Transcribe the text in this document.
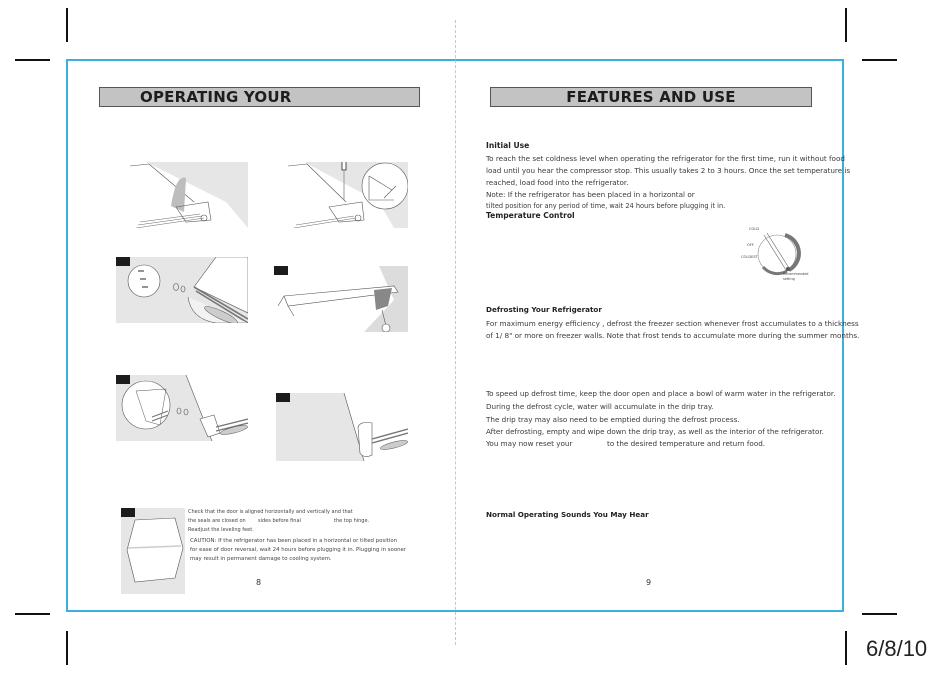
OPERATING YOUR
Check that the door is aligned horizontally and vertically and that
the seals are closed on sides before final	the top hinge.
Readjust the leveling feet.
CAUTION: If the refrigerator has been placed in a horizontal or tilted position
for ease of door reversal, wait 24 hours before plugging it in. Plugging in sooner
may result in permanent damage to cooling system.
8
FEATURES AND USE
Initial Use
To reach the set coldness level when operating the refrigerator for the first time, run it without food
load until you hear the compressor stop. This usually takes 2 to 3 hours. Once the set temperature is
reached, load food into the refrigerator.
Note: If the refrigerator has been placed in a horizontal or
tilted position for any period of time, wait 24 hours before plugging it in.
Temperature Control
COLD
OFF
COLDEST
Recommended
setting
Defrosting Your Refrigerator
For maximum energy efficiency , defrost the freezer section whenever frost accumulates to a thickness
of 1/ 8" or more on freezer walls. Note that frost tends to accumulate more during the summer months.
To speed up defrost time, keep the door open and place a bowl of warm water in the refrigerator.
During the defrost cycle, water will accumulate in the drip tray.
The drip tray may also need to be emptied during the defrost process.
After defrosting, empty and wipe down the drip tray, as well as the interior of the refrigerator.
You may now reset your	to the desired temperature and return food.
Normal Operating Sounds You May Hear
9
6/8/10
